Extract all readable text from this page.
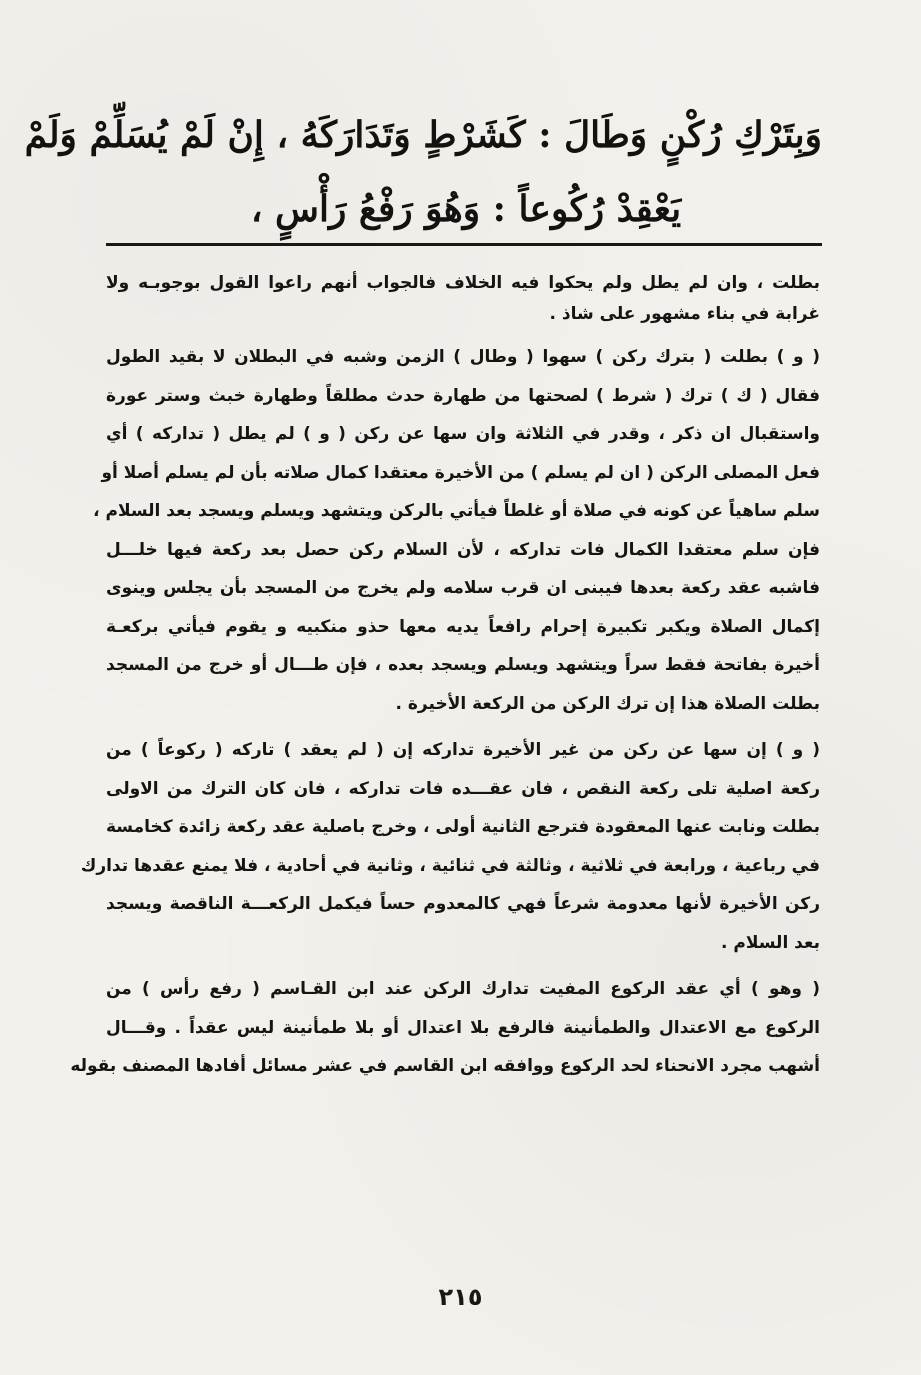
وَبِتَرْكِ رُكْنٍ وَطَالَ : كَشَرْطٍ وَتَدَارَكَهُ ، إِنْ لَمْ يُسَلِّمْ وَلَمْ
يَعْقِدْ رُكُوعاً : وَهُوَ رَفْعُ رَأْسٍ ،
بطلت ، وان لم يطل ولم يحكوا فيه الخلاف فالجواب أنهم راعوا القول بوجوبـه ولا
غرابة في بناء مشهور على شاذ .
( و ) بطلت ( بترك ركن ) سهوا ( وطال ) الزمن وشبه في البطلان لا بقيد الطول
فقال ( ك ) ترك ( شرط ) لصحتها من طهارة حدث مطلقاً وطهارة خبث وستر عورة
واستقبال ان ذكر ، وقدر في الثلاثة وان سها عن ركن ( و ) لم يطل ( تداركه ) أي
فعل المصلى الركن ( ان لم يسلم ) من الأخيرة معتقدا كمال صلاته بأن لم يسلم أصلا أو
سلم ساهياً عن كونه في صلاة أو غلطاً فيأتي بالركن ويتشهد ويسلم ويسجد بعد السلام ،
فإن سلم معتقدا الكمال فات تداركه ، لأن السلام ركن حصل بعد ركعة فيها خلـــل
فاشبه عقد ركعة بعدها فيبنى ان قرب سلامه ولم يخرج من المسجد بأن يجلس وينوى
إكمال الصلاة ويكبر تكبيرة إحرام رافعاً يديه معها حذو منكبيه و يقوم فيأتي بركعـة
أخيرة بفاتحة فقط سراً ويتشهد ويسلم ويسجد بعده ، فإن طـــال أو خرج من المسجد
بطلت الصلاة هذا إن ترك الركن من الركعة الأخيرة .
( و ) إن سها عن ركن من غير الأخيرة تداركه إن ( لم يعقد ) تاركه ( ركوعاً ) من
ركعة اصلية تلى ركعة النقص ، فان عقـــده فات تداركه ، فان كان الترك من الاولى
بطلت ونابت عنها المعقودة فترجع الثانية أولى ، وخرج باصلية عقد ركعة زائدة كخامسة
في رباعية ، ورابعة في ثلاثية ، وثالثة في ثنائية ، وثانية في أحادية ، فلا يمنع عقدها تدارك
ركن الأخيرة لأنها معدومة شرعاً فهي كالمعدوم حساً فيكمل الركعـــة الناقصة ويسجد
بعد السلام .
( وهو ) أي عقد الركوع المفيت تدارك الركن عند ابن القـاسم ( رفع رأس ) من
الركوع مع الاعتدال والطمأنينة فالرفع بلا اعتدال أو بلا طمأنينة ليس عقداً . وقـــال
أشهب مجرد الانحناء لحد الركوع ووافقه ابن القاسم في عشر مسائل أفادها المصنف بقوله
٢١٥
